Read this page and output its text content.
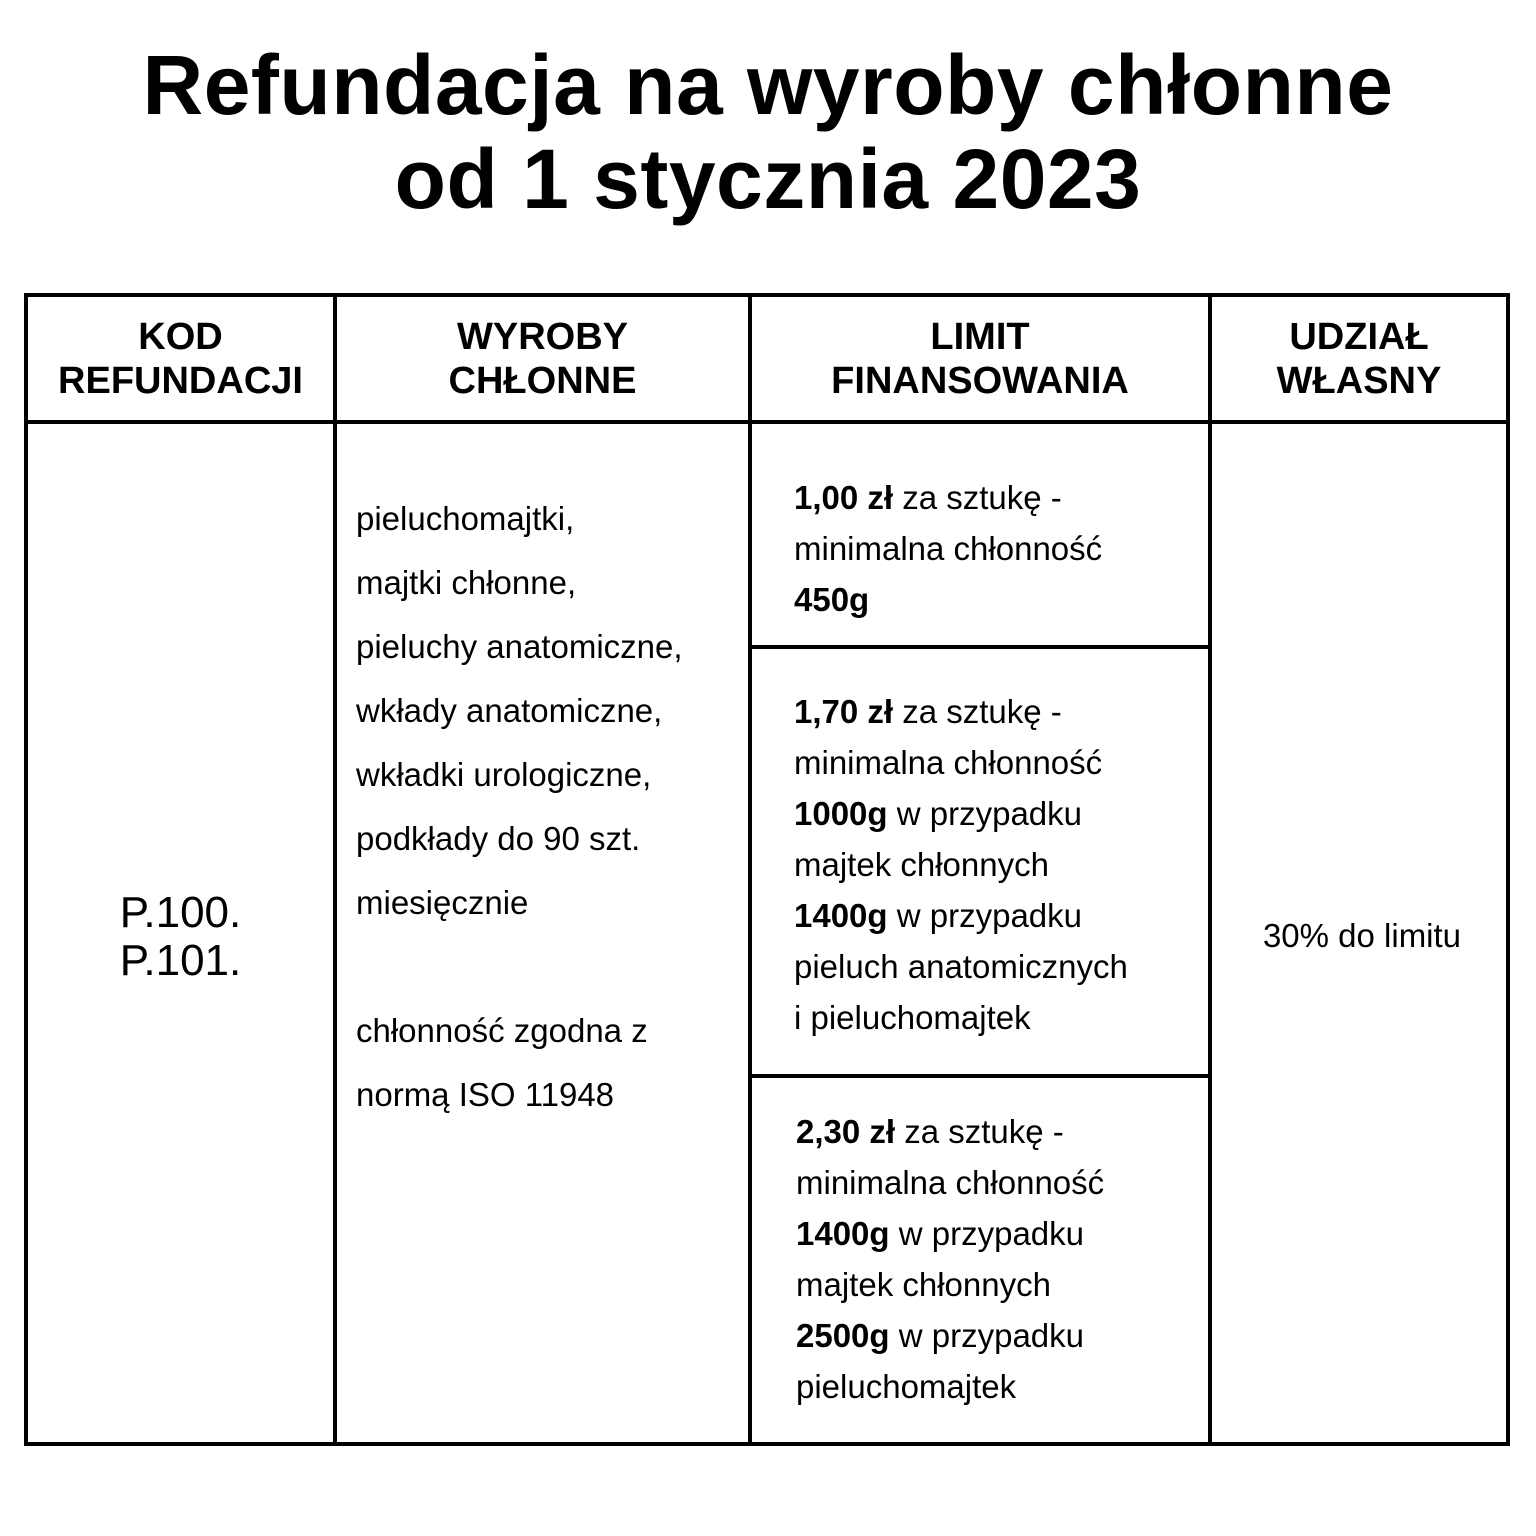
Refundacja na wyroby chłonne
od 1 stycznia 2023
KOD
REFUNDACJI
WYROBY
CHŁONNE
LIMIT
FINANSOWANIA
UDZIAŁ
WŁASNY
P.100.
P.101.
pieluchomajtki,
majtki chłonne,
pieluchy anatomiczne,
wkłady anatomiczne,
wkładki urologiczne,
podkłady do 90 szt.
miesięcznie
chłonność zgodna z
normą ISO 11948
1,00 zł za sztukę -
minimalna chłonność
450g
1,70 zł za sztukę -
minimalna chłonność
1000g w przypadku
majtek chłonnych
1400g w przypadku
pieluch anatomicznych
i pieluchomajtek
2,30 zł za sztukę -
minimalna chłonność
1400g w przypadku
majtek chłonnych
2500g w przypadku
pieluchomajtek
30% do limitu
